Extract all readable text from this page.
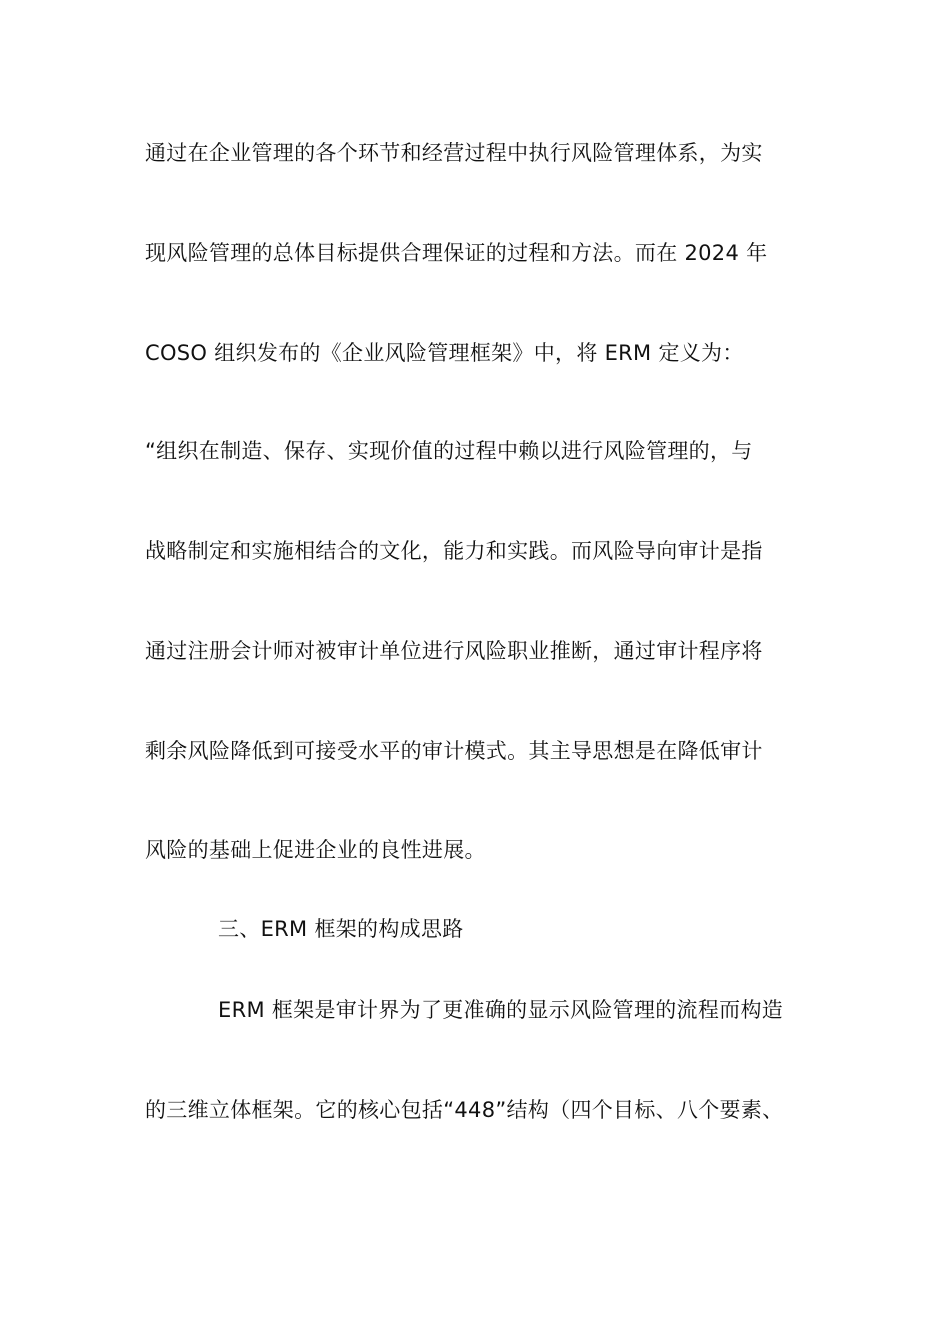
通过在企业管理的各个环节和经营过程中执行风险管理体系，为实
现风险管理的总体目标提供合理保证的过程和方法。而在 2024 年
COSO 组织发布的《企业风险管理框架》中，将 ERM 定义为：
“组织在制造、保存、实现价值的过程中赖以进行风险管理的，与
战略制定和实施相结合的文化，能力和实践。而风险导向审计是指
通过注册会计师对被审计单位进行风险职业推断，通过审计程序将
剩余风险降低到可接受水平的审计模式。其主导思想是在降低审计
风险的基础上促进企业的良性进展。
三、ERM 框架的构成思路
ERM 框架是审计界为了更准确的显示风险管理的流程而构造
的三维立体框架。它的核心包括“448”结构（四个目标、八个要素、
